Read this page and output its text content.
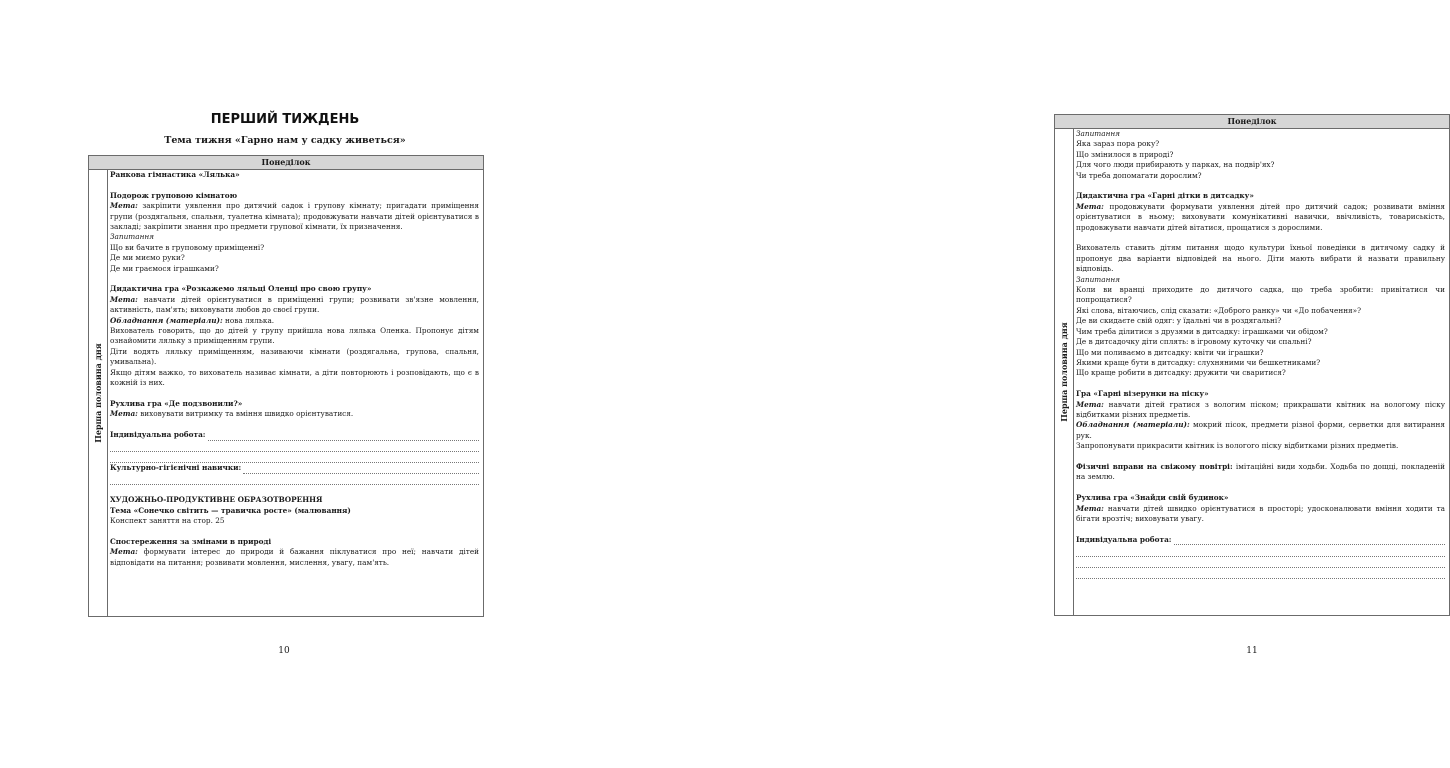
ПЕРШИЙ ТИЖДЕНЬ
Тема тижня «Гарно нам у садку живеться»
Понеділок
Перша половина дня
Ранкова гімнастика «Лялька»
Подорож груповою кімнатою
Мета: закріпити уявлення про дитячий садок і групову кімнату; пригадати приміщення групи (роздягальня, спальня, туалетна кімната); продовжувати навчати дітей орієнтуватися в закладі; закріпити знання про предмети групової кімнати, їх призначення.
Запитання
Що ви бачите в груповому приміщенні?
Де ми миємо руки?
Де ми граємося іграшками?
Дидактична гра «Розкажемо ляльці Оленці про свою групу»
Мета: навчати дітей орієнтуватися в приміщенні групи; розвивати зв'язне мовлення, активність, пам'ять; виховувати любов до своєї групи.
Обладнання (матеріали): нова лялька.
Вихователь говорить, що до дітей у групу прийшла нова лялька Оленка. Пропонує дітям ознайомити ляльку з приміщенням групи.
Діти водять ляльку приміщенням, називаючи кімнати (роздягальна, групова, спальня, умивальна).
Якщо дітям важко, то вихователь називає кімнати, а діти повторюють і розповідають, що є в кожній із них.
Рухлива гра «Де подзвонили?»
Мета: виховувати витримку та вміння швидко орієнтуватися.
Індивідуальна робота:
Культурно-гігієнічні навички:
ХУДОЖНЬО-ПРОДУКТИВНЕ ОБРАЗОТВОРЕННЯ
Тема «Сонечко світить — травичка росте» (малювання)
Конспект заняття на стор. 25
Спостереження за змінами в природі
Мета: формувати інтерес до природи й бажання піклуватися про неї; навчати дітей відповідати на питання; розвивати мовлення, мислення, увагу, пам'ять.
10
Понеділок
Перша половина дня
Запитання
Яка зараз пора року?
Що змінилося в природі?
Для чого люди прибирають у парках, на подвір'ях?
Чи треба допомагати дорослим?
Дидактична гра «Гарні дітки в дитсадку»
Мета: продовжувати формувати уявлення дітей про дитячий садок; розвивати вміння орієнтуватися в ньому; виховувати комунікативні навички, ввічливість, товариськість, продовжувати навчати дітей вітатися, прощатися з дорослими.
Вихователь ставить дітям питання щодо культури їхньої поведінки в дитячому садку й пропонує два варіанти відповідей на нього. Діти мають вибрати й назвати правильну відповідь.
Запитання
Коли ви вранці приходите до дитячого садка, що треба зробити: привітатися чи попрощатися?
Які слова, вітаючись, слід сказати: «Доброго ранку» чи «До побачення»?
Де ви скидаєте свій одяг: у їдальні чи в роздягальні?
Чим треба ділитися з друзями в дитсадку: іграшками чи обідом?
Де в дитсадочку діти сплять: в ігровому куточку чи спальні?
Що ми поливаємо в дитсадку: квіти чи іграшки?
Якими краще бути в дитсадку: слухняними чи бешкетниками?
Що краще робити в дитсадку: дружити чи сваритися?
Гра «Гарні візерунки на піску»
Мета: навчати дітей гратися з вологим піском; прикрашати квітник на вологому піску відбитками різних предметів.
Обладнання (матеріали): мокрий пісок, предмети різної форми, серветки для витирання рук.
Запропонувати прикрасити квітник із вологого піску відбитками різних предметів.
Фізичні вправи на свіжому повітрі: імітаційні види ходьби. Ходьба по дощці, покладеній на землю.
Рухлива гра «Знайди свій будинок»
Мета: навчати дітей швидко орієнтуватися в просторі; удосконалювати вміння ходити та бігати врозтіч; виховувати увагу.
Індивідуальна робота:
11
